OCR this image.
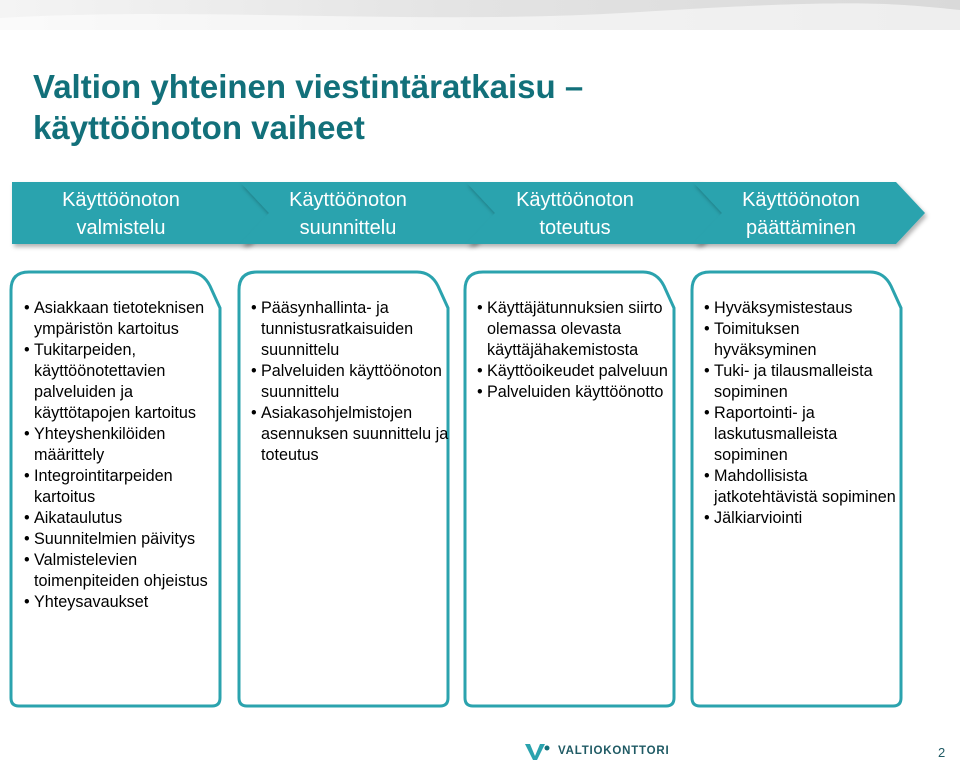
Valtion yhteinen viestintäratkaisu –
käyttöönoton vaiheet
Käyttöönoton
valmistelu
Käyttöönoton
suunnittelu
Käyttöönoton
toteutus
Käyttöönoton
päättäminen
• Asiakkaan tietoteknisen ympäristön kartoitus
• Tukitarpeiden, käyttöönotettavien palveluiden ja käyttötapojen kartoitus
• Yhteyshenkilöiden määrittely
• Integrointitarpeiden kartoitus
• Aikataulutus
• Suunnitelmien päivitys
• Valmistelevien toimenpiteiden ohjeistus
• Yhteysavaukset
• Pääsynhallinta- ja tunnistusratkaisuiden suunnittelu
• Palveluiden käyttöönoton suunnittelu
• Asiakasohjelmistojen asennuksen suunnittelu ja toteutus
• Käyttäjätunnuksien siirto olemassa olevasta käyttäjähakemistosta
• Käyttöoikeudet palveluun
• Palveluiden käyttöönotto
• Hyväksymistestaus
• Toimituksen hyväksyminen
• Tuki- ja tilausmalleista sopiminen
• Raportointi- ja laskutusmalleista sopiminen
• Mahdollisista jatkotehtävistä sopiminen
• Jälkiarviointi
VALTIOKONTTORI	2
